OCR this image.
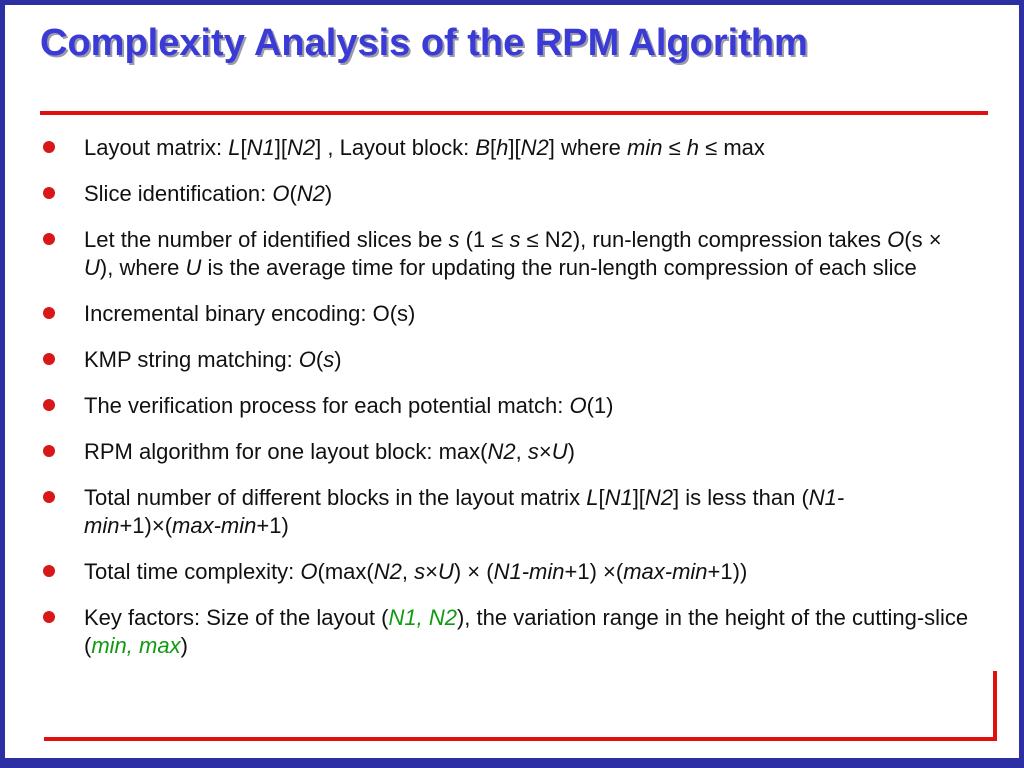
Complexity Analysis of the RPM Algorithm
Layout matrix: L[N1][N2] , Layout block: B[h][N2] where min ≤ h ≤ max
Slice identification: O(N2)
Let the number of identified slices be s (1 ≤ s ≤ N2), run-length compression takes O(s × U), where U is the average time for updating the run-length compression of each slice
Incremental binary encoding: O(s)
KMP string matching: O(s)
The verification process for each potential match: O(1)
RPM algorithm for one layout block: max(N2, s×U)
Total number of different blocks in the layout matrix L[N1][N2] is less than (N1-min+1)×(max-min+1)
Total time complexity: O(max(N2, s×U) × (N1-min+1) ×(max-min+1))
Key factors: Size of the layout (N1, N2), the variation range in the height of the cutting-slice (min, max)
